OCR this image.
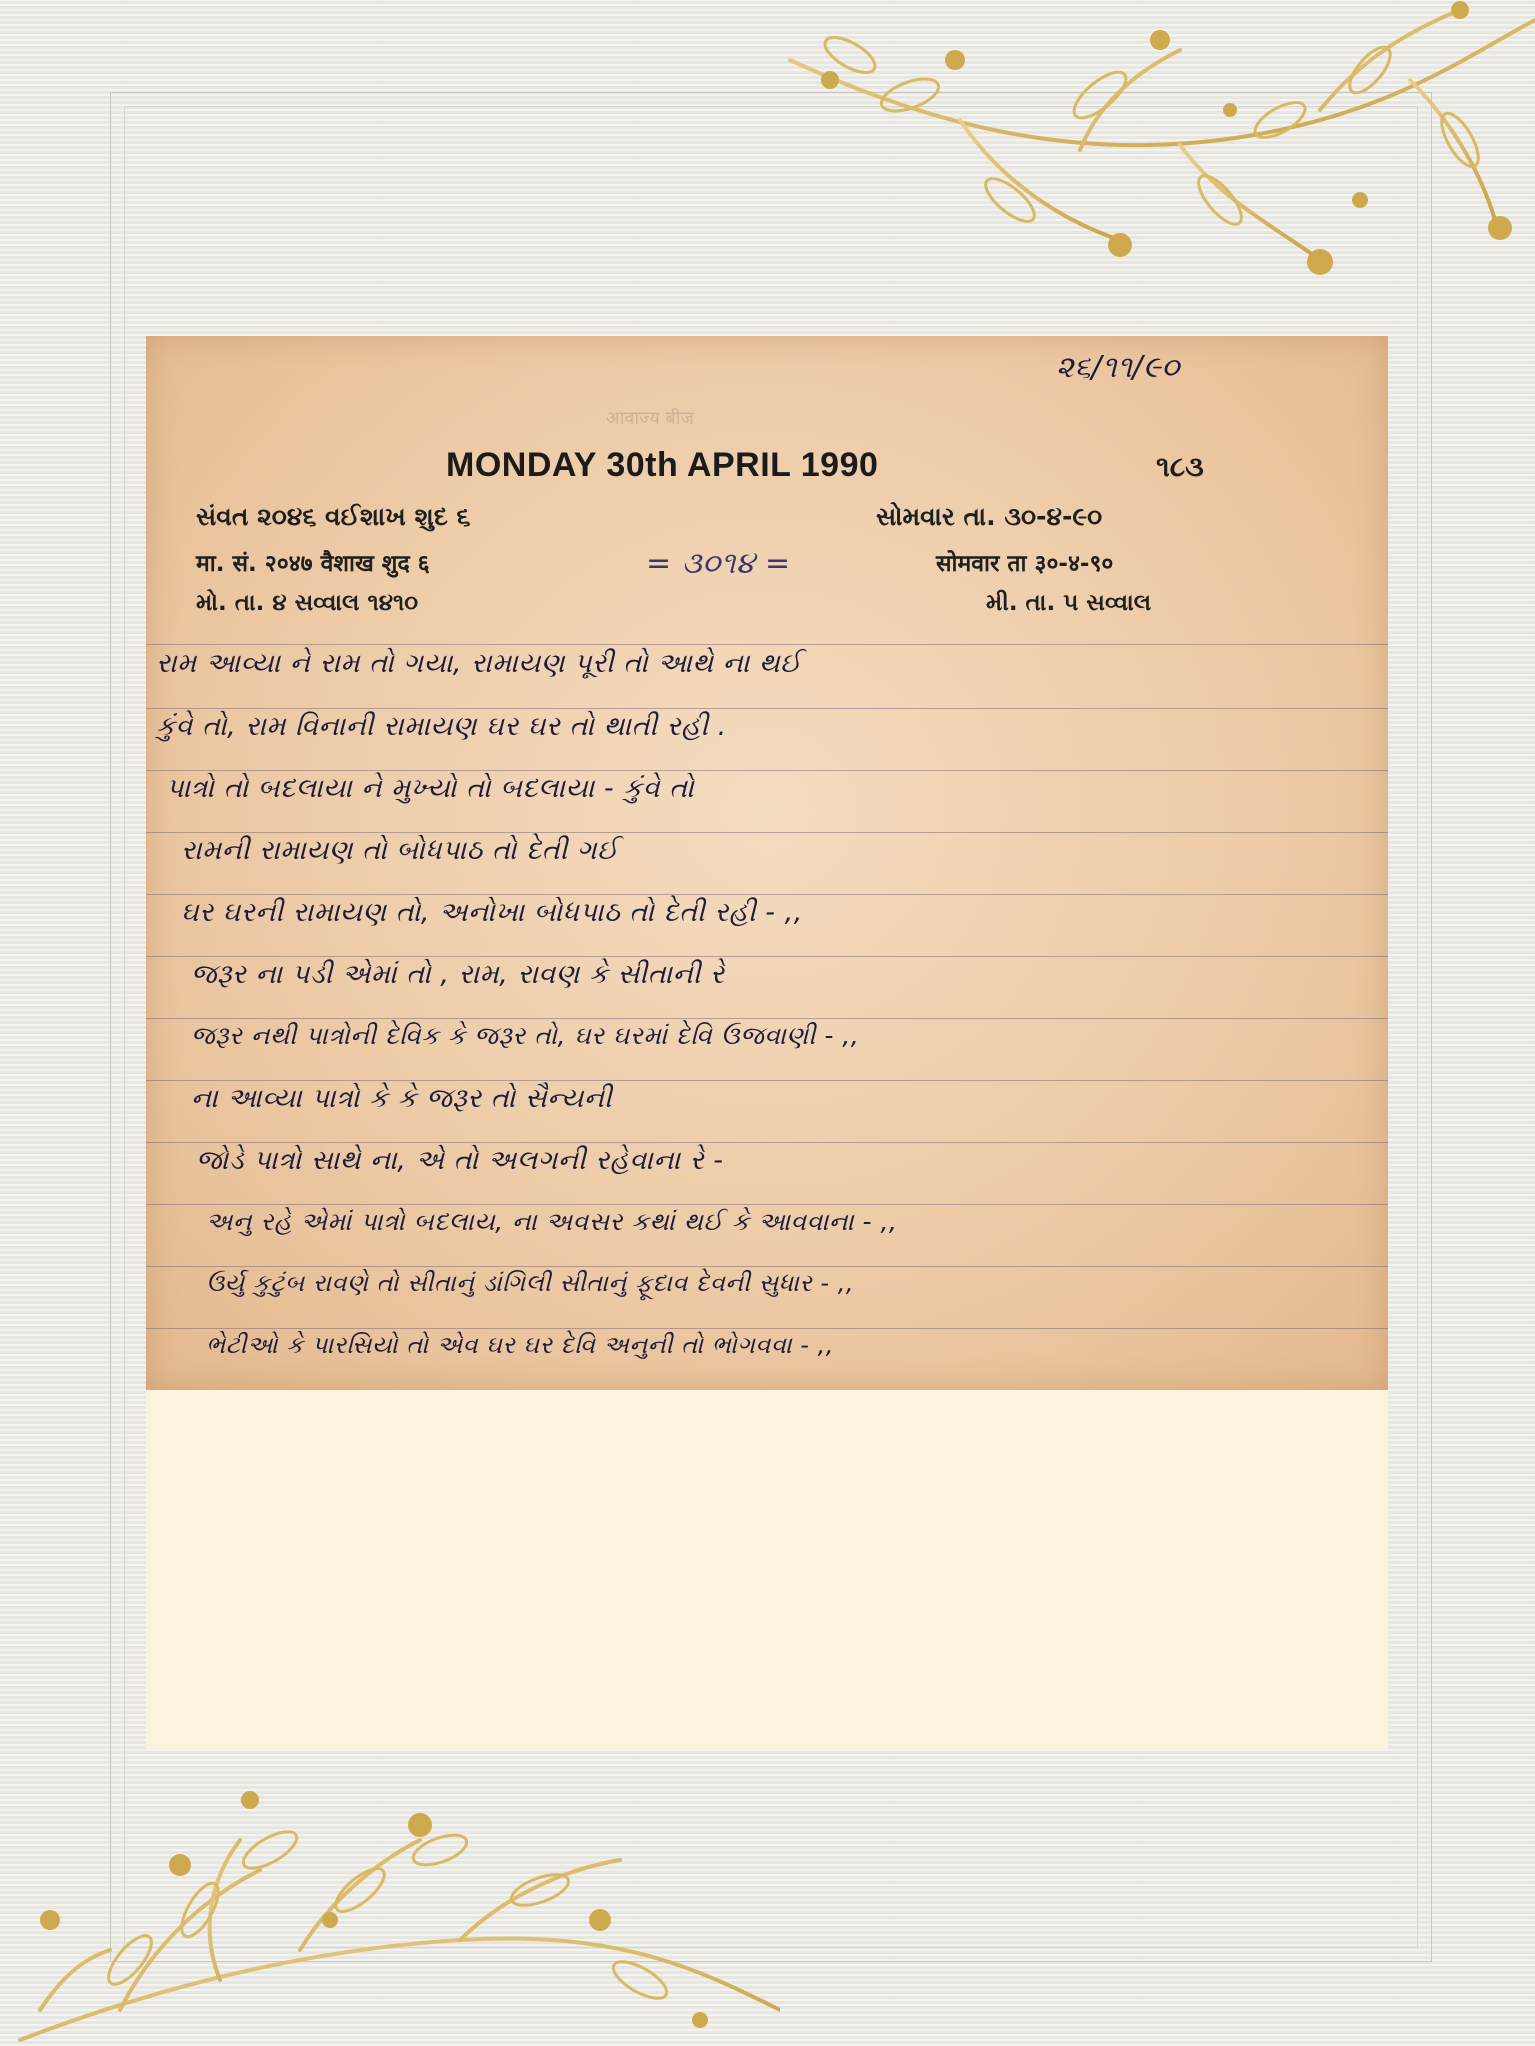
आवाज्य बीज
૨૬/૧૧/૯૦
MONDAY 30th APRIL 1990	૧૮૩
સંવત ૨૦૪૬ વઈશાખ શુદ ૬	સોમવાર તા. ૩૦-૪-૯૦
मा. सं. २०४७ वैशाख शुद ६	= ૩૦૧૪ =	सोमवार ता ३०-४-९०
મો. તા. ૪ સવ્વાલ ૧૪૧૦	મી. તા. ૫ સવ્વાલ
રામ આવ્યા ને રામ તો ગયા, રામાયણ પૂરી તો આથે ના થઈ
કુંવે તો, રામ વિનાની રામાયણ ઘર ઘર તો થાતી રહી .
પાત્રો તો બદલાયા ને મુખ્યો તો બદલાયા - કુંવે તો
રામની રામાયણ તો બોધપાઠ તો દેતી ગઈ
ઘર ઘરની રામાયણ તો, અનોખા બોધપાઠ તો દેતી રહી - ,,
જરૂર ના પડી એમાં તો , રામ, રાવણ કે સીતાની રે
જરૂર નથી પાત્રોની દેવિક કે જરૂર તો, ઘર ઘરમાં દેવિ ઉજવાણી - ,,
ના આવ્યા પાત્રો કે કે જરૂર તો સૈન્યની
જોડે પાત્રો સાથે ના, એ તો અલગની રહેવાના રે -
અનુ રહે એમાં પાત્રો બદલાય, ના અવસર કથાં થઈ કે આવવાના - ,,
ઉર્યુ કુટુંબ રાવણે તો સીતાનું ડાંગિલી સીતાનું ફૂદાવ દેવની સુધાર - ,,
ભેટીઓ કે પારસિયો તો એવ ઘર ઘર દેવિ અનુની તો ભોગવવા - ,,
